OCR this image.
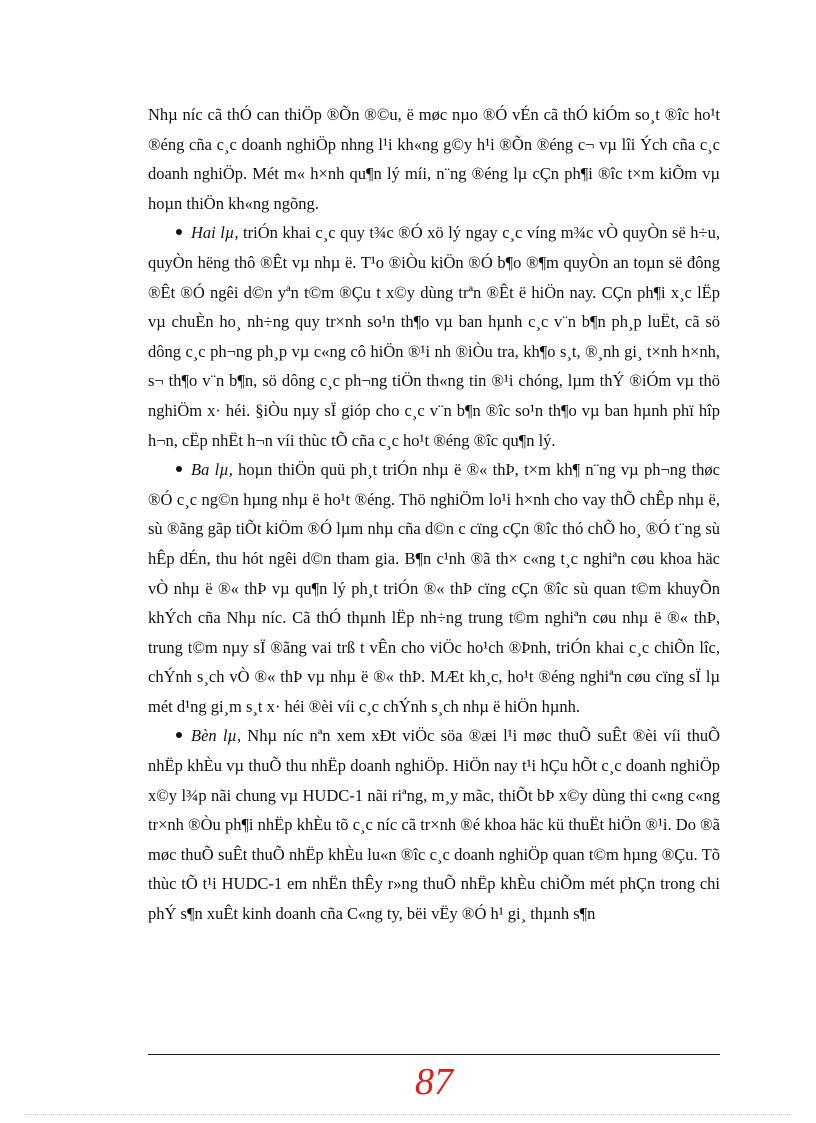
Nhµ níc cã thÓ can thiÖp ®Õn ®©u, ë møc nµo ®Ó vÉn cã thÓ kiÓm so¸t ®îc ho¹t ®éng cña c¸c doanh nghiÖp nhng l¹i kh«ng g©y h¹i ®Õn ®éng c¬ vµ lîi Ých cña c¸c doanh nghiÖp. Mét m« h×nh qu¶n lý míi, n¨ng ®éng lµ cÇn ph¶i ®îc t×m kiÕm vµ hoµn thiÖn kh«ng ngõng.

Hai lµ, triÓn khai c¸c quy t¾c ®Ó xö lý ngay c¸c víng m¾c vÒ quyÒn së h÷u, quyÒn hëng thô ®Êt vµ nhµ ë. T¹o ®iÒu kiÖn ®Ó b¶o ®¶m quyÒn an toµn së đông ®Êt ®Ó ngêi d©n yªn t©m ®Çu t x©y dùng trªn ®Êt ë hiÖn nay. CÇn ph¶i x¸c lËp vµ chuÈn ho¸ nh÷ng quy tr×nh so¹n th¶o vµ ban hµnh c¸c v¨n b¶n ph¸p luËt, cã sö dông c¸c ph¬ng ph¸p vµ c«ng cô hiÖn ®¹i nh ®iÒu tra, kh¶o s¸t, ®¸nh gi¸ t×nh h×nh, s¬ th¶o v¨n b¶n, sö dông c¸c ph¬ng tiÖn th«ng tin ®¹i chóng, lµm thÝ ®iÓm vµ thö nghiÖm x· héi. §iÒu nµy sÏ gióp cho c¸c v¨n b¶n ®îc so¹n th¶o vµ ban hµnh phï hîp h¬n, cËp nhËt h¬n víi thùc tÕ cña c¸c ho¹t ®éng ®îc qu¶n lý.

Ba lµ, hoµn thiÖn quü ph¸t triÓn nhµ ë ®« thÞ, t×m kh¶ n¨ng vµ ph¬ng thøc ®Ó c¸c ng©n hµng nhµ ë ho¹t ®éng. Thö nghiÖm lo¹i h×nh cho vay thÕ chÊp nhµ ë, sù ®ãng gãp tiÕt kiÖm ®Ó lµm nhµ cña d©n c cïng cÇn ®îc thó chÕ ho¸ ®Ó t¨ng sù hÊp dÉn, thu hót ngêi d©n tham gia. B¶n c¹nh ®ã th× c«ng t¸c nghiªn cøu khoa häc vÒ nhµ ë ®« thÞ vµ qu¶n lý ph¸t triÓn ®« thÞ cïng cÇn ®îc sù quan t©m khuyÕn khÝch cña Nhµ níc. Cã thÓ thµnh lËp nh÷ng trung t©m nghiªn cøu nhµ ë ®« thÞ, trung t©m nµy sÏ ®ãng vai trß t vÊn cho viÖc ho¹ch ®Þnh, triÓn khai c¸c chiÕn lîc, chÝnh s¸ch vÒ ®« thÞ vµ nhµ ë ®« thÞ. MÆt kh¸c, ho¹t ®éng nghiªn cøu cïng sÏ lµ mét d¹ng gi¸m s¸t x· héi ®èi víi c¸c chÝnh s¸ch nhµ ë hiÖn hµnh.

Bèn lµ, Nhµ níc nªn xem xÐt viÖc söa ®æi l¹i møc thuÕ suÊt ®èi víi thuÕ nhËp khÈu vµ thuÕ thu nhËp doanh nghiÖp. HiÖn nay t¹i hÇu hÕt c¸c doanh nghiÖp x©y l¾p nãi chung vµ HUDC-1 nãi riªng, m¸y mãc, thiÕt bÞ x©y dùng thi c«ng c«ng tr×nh ®Òu ph¶i nhËp khÈu tõ c¸c níc cã tr×nh ®é khoa häc kü thuËt hiÖn ®¹i. Do ®ã møc thuÕ suÊt thuÕ nhËp khÈu lu«n ®îc c¸c doanh nghiÖp quan t©m hµng ®Çu. Tõ thùc tÕ t¹i HUDC-1 em nhËn thÊy r»ng thuÕ nhËp khÈu chiÕm mét phÇn trong chi phÝ s¶n xuÊt kinh doanh cña C«ng ty, bëi vËy ®Ó h¹ gi¸ thµnh s¶n

87
